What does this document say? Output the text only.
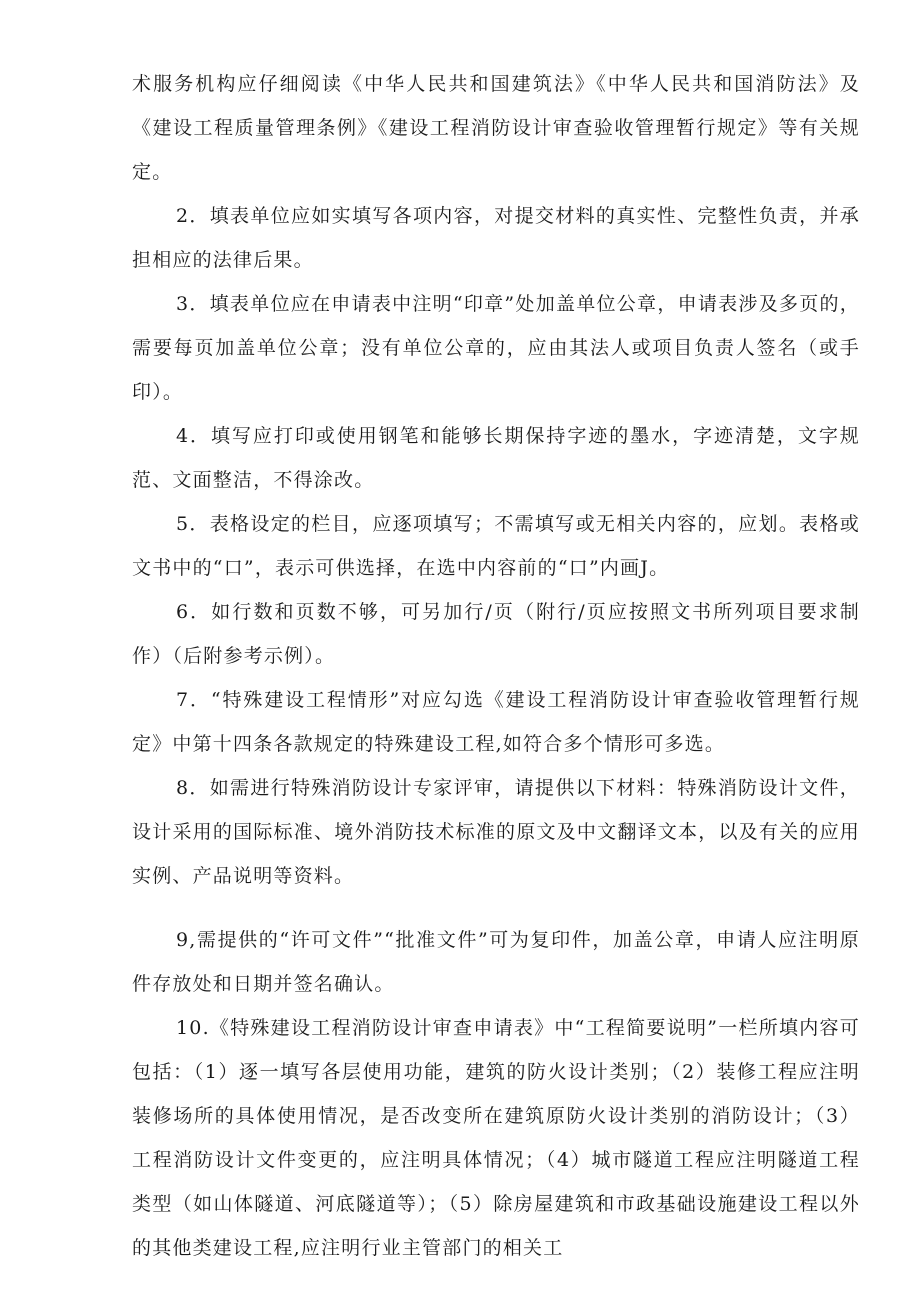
术服务机构应仔细阅读《中华人民共和国建筑法》《中华人民共和国消防法》及《建设工程质量管理条例》《建设工程消防设计审查验收管理暂行规定》等有关规定。

2．填表单位应如实填写各项内容，对提交材料的真实性、完整性负责，并承担相应的法律后果。

3．填表单位应在申请表中注明“印章”处加盖单位公章，申请表涉及多页的，需要每页加盖单位公章；没有单位公章的，应由其法人或项目负责人签名（或手印）。

4．填写应打印或使用钢笔和能够长期保持字迹的墨水，字迹清楚，文字规范、文面整洁，不得涂改。

5．表格设定的栏目，应逐项填写；不需填写或无相关内容的，应划。表格或文书中的“口”，表示可供选择，在选中内容前的“口”内画J。

6．如行数和页数不够，可另加行/页（附行/页应按照文书所列项目要求制作）（后附参考示例）。

7．“特殊建设工程情形”对应勾选《建设工程消防设计审查验收管理暂行规定》中第十四条各款规定的特殊建设工程,如符合多个情形可多选。

8．如需进行特殊消防设计专家评审，请提供以下材料：特殊消防设计文件，设计采用的国际标准、境外消防技术标准的原文及中文翻译文本，以及有关的应用实例、产品说明等资料。

9,需提供的“许可文件”“批准文件”可为复印件，加盖公章，申请人应注明原件存放处和日期并签名确认。

10.《特殊建设工程消防设计审查申请表》中“工程简要说明”一栏所填内容可包括：（1）逐一填写各层使用功能，建筑的防火设计类别；（2）装修工程应注明装修场所的具体使用情况，是否改变所在建筑原防火设计类别的消防设计；（3）工程消防设计文件变更的，应注明具体情况；（4）城市隧道工程应注明隧道工程类型（如山体隧道、河底隧道等）；（5）除房屋建筑和市政基础设施建设工程以外的其他类建设工程,应注明行业主管部门的相关工
